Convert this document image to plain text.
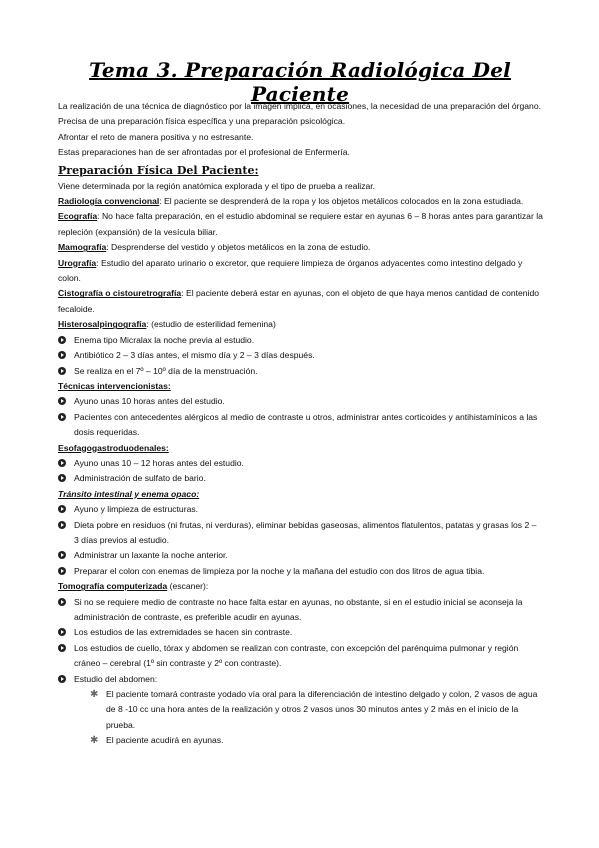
Tema 3. Preparación Radiológica Del Paciente

La realización de una técnica de diagnóstico por la imagen implica, en ocasiones, la necesidad de una preparación del órgano.

Precisa de una preparación física específica y una preparación psicológica.

Afrontar el reto de manera positiva y no estresante.

Estas preparaciones han de ser afrontadas por el profesional de Enfermería.

Preparación Física Del Paciente:

Viene determinada por la región anatómica explorada y el tipo de prueba a realizar.

Radiología convencional: El paciente se desprenderá de la ropa y los objetos metálicos colocados en la zona estudiada.

Ecografía: No hace falta preparación, en el estudio abdominal se requiere estar en ayunas 6 – 8 horas antes para garantizar la repleción (expansión) de la vesícula biliar.

Mamografía: Desprenderse del vestido y objetos metálicos en la zona de estudio.

Urografía: Estudio del aparato urinario o excretor, que requiere limpieza de órganos adyacentes como intestino delgado y colon.

Cistografía o cistouretrografía: El paciente deberá estar en ayunas, con el objeto de que haya menos cantidad de contenido fecaloide.

Histerosalpingografía: (estudio de esterilidad femenina)

Enema tipo Micralax la noche previa al estudio.
Antibiótico 2 – 3 días antes, el mismo día y 2 – 3 días después.
Se realiza en el 7º – 10º día de la menstruación.

Técnicas intervencionistas:

Ayuno unas 10 horas antes del estudio.
Pacientes con antecedentes alérgicos al medio de contraste u otros, administrar antes corticoides y antihistamínicos a las dosis requeridas.

Esofagogastroduodenales:

Ayuno unas 10 – 12 horas antes del estudio.
Administración de sulfato de bario.

Tránsito intestinal y enema opaco:

Ayuno y limpieza de estructuras.
Dieta pobre en residuos (ni frutas, ni verduras), eliminar bebidas gaseosas, alimentos flatulentos, patatas y grasas los 2 – 3 días previos al estudio.
Administrar un laxante la noche anterior.
Preparar el colon con enemas de limpieza por la noche y la mañana del estudio con dos litros de agua tibia.

Tomografía computerizada (escaner):

Si no se requiere medio de contraste no hace falta estar en ayunas, no obstante, si en el estudio inicial se aconseja la administración de contraste, es preferible acudir en ayunas.
Los estudios de las extremidades se hacen sin contraste.
Los estudios de cuello, tórax y abdomen se realizan con contraste, con excepción del parénquima pulmonar y región cráneo – cerebral (1º sin contraste y 2º con contraste).
Estudio del abdomen:
✱ El paciente tomará contraste yodado vía oral para la diferenciación de intestino delgado y colon, 2 vasos de agua de 8 -10 cc una hora antes de la realización y otros 2 vasos unos 30 minutos antes y 2 más en el inicio de la prueba.
✱ El paciente acudirá en ayunas.
